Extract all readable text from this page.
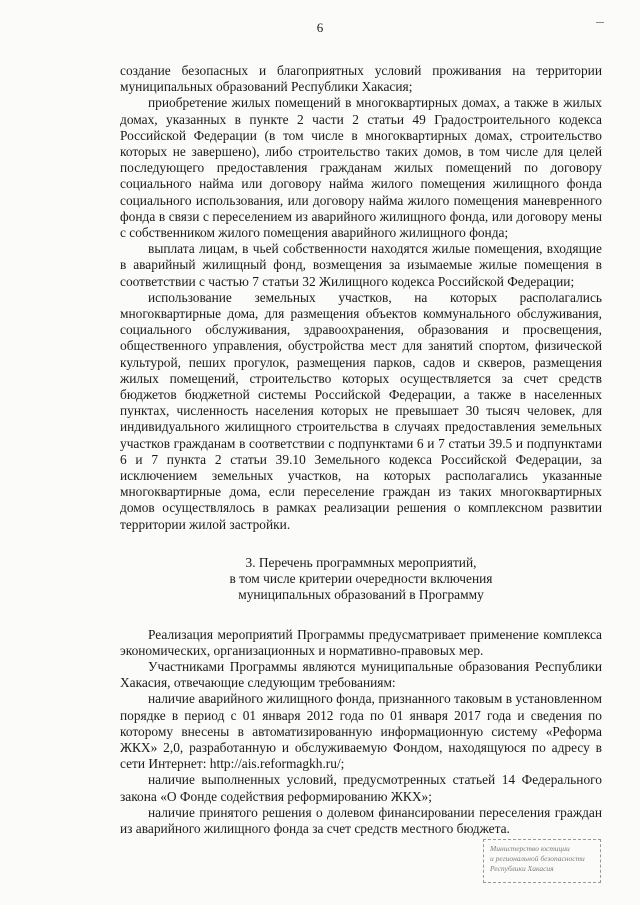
6

создание безопасных и благоприятных условий проживания на территории муниципальных образований Республики Хакасия;

приобретение жилых помещений в многоквартирных домах, а также в жилых домах, указанных в пункте 2 части 2 статьи 49 Градостроительного кодекса Российской Федерации (в том числе в многоквартирных домах, строительство которых не завершено), либо строительство таких домов, в том числе для целей последующего предоставления гражданам жилых помещений по договору социального найма или договору найма жилого помещения жилищного фонда социального использования, или договору найма жилого помещения маневренного фонда в связи с переселением из аварийного жилищного фонда, или договору мены с собственником жилого помещения аварийного жилищного фонда;

выплата лицам, в чьей собственности находятся жилые помещения, входящие в аварийный жилищный фонд, возмещения за изымаемые жилые помещения в соответствии с частью 7 статьи 32 Жилищного кодекса Российской Федерации;

использование земельных участков, на которых располагались многоквартирные дома, для размещения объектов коммунального обслуживания, социального обслуживания, здравоохранения, образования и просвещения, общественного управления, обустройства мест для занятий спортом, физической культурой, пеших прогулок, размещения парков, садов и скверов, размещения жилых помещений, строительство которых осуществляется за счет средств бюджетов бюджетной системы Российской Федерации, а также в населенных пунктах, численность населения которых не превышает 30 тысяч человек, для индивидуального жилищного строительства в случаях предоставления земельных участков гражданам в соответствии с подпунктами 6 и 7 статьи 39.5 и подпунктами 6 и 7 пункта 2 статьи 39.10 Земельного кодекса Российской Федерации, за исключением земельных участков, на которых располагались указанные многоквартирные дома, если переселение граждан из таких многоквартирных домов осуществлялось в рамках реализации решения о комплексном развитии территории жилой застройки.

3. Перечень программных мероприятий,
в том числе критерии очередности включения
муниципальных образований в Программу

Реализация мероприятий Программы предусматривает применение комплекса экономических, организационных и нормативно-правовых мер.

Участниками Программы являются муниципальные образования Республики Хакасия, отвечающие следующим требованиям:

наличие аварийного жилищного фонда, признанного таковым в установленном порядке в период с 01 января 2012 года по 01 января 2017 года и сведения по которому внесены в автоматизированную информационную систему «Реформа ЖКХ» 2,0, разработанную и обслуживаемую Фондом, находящуюся по адресу в сети Интернет: http://ais.reformagkh.ru/;

наличие выполненных условий, предусмотренных статьей 14 Федерального закона «О Фонде содействия реформированию ЖКХ»;

наличие принятого решения о долевом финансировании переселения граждан из аварийного жилищного фонда за счет средств местного бюджета.

Министерство юстиции
и региональной безопасности
Республики Хакасия
